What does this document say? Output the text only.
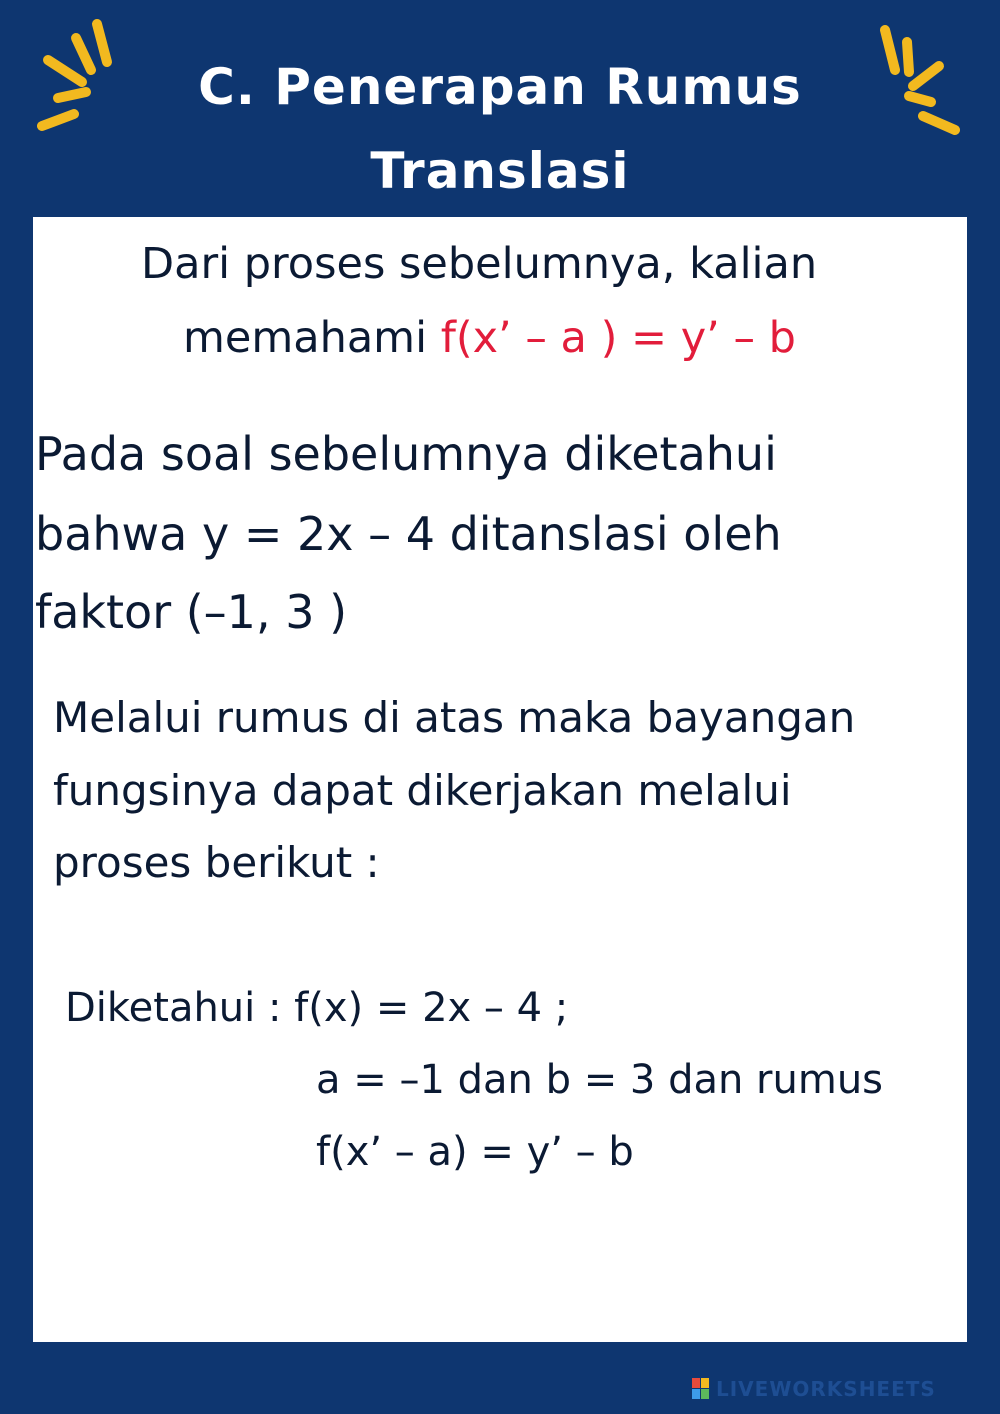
C. Penerapan Rumus
Translasi
Dari proses sebelumnya, kalian
memahami f(x’ – a ) = y’ – b
Pada soal sebelumnya diketahui
bahwa y = 2x – 4 ditanslasi oleh
faktor (–1, 3 )
Melalui rumus di atas maka bayangan
fungsinya dapat dikerjakan melalui
proses berikut :
Diketahui : f(x) = 2x – 4 ;
a = –1 dan b = 3 dan rumus
f(x’ – a) = y’ – b
LIVEWORKSHEETS
